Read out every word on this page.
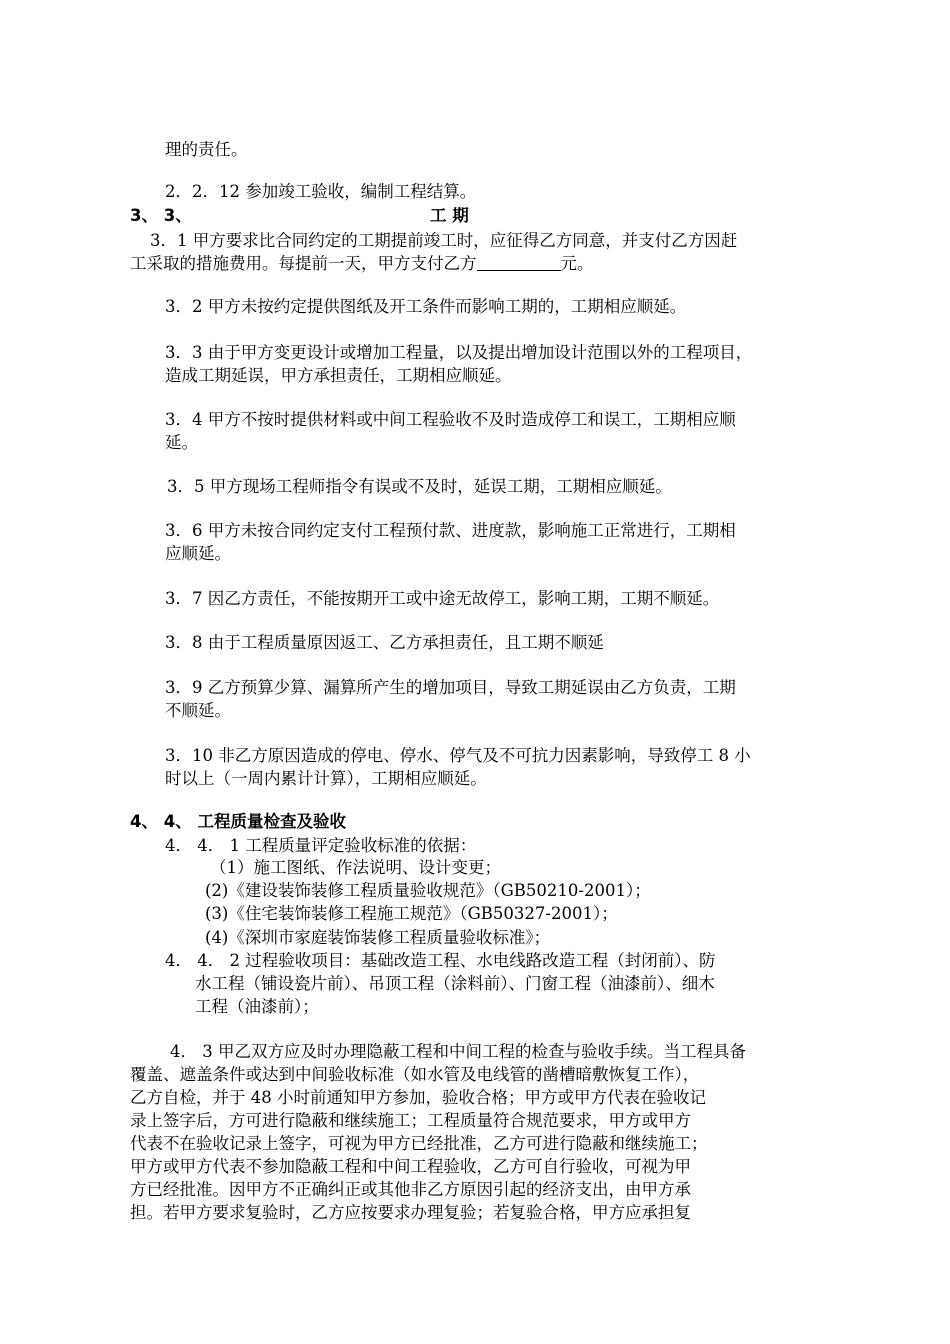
理的责任。
2．2．12 参加竣工验收，编制工程结算。
3、 3、	工 期
3．1 甲方要求比合同约定的工期提前竣工时，应征得乙方同意，并支付乙方因赶
工采取的措施费用。每提前一天，甲方支付乙方	元。
3．2 甲方未按约定提供图纸及开工条件而影响工期的，工期相应顺延。
3．3 由于甲方变更设计或增加工程量，以及提出增加设计范围以外的工程项目，
造成工期延误，甲方承担责任，工期相应顺延。
3．4 甲方不按时提供材料或中间工程验收不及时造成停工和误工，工期相应顺
延。
3．5 甲方现场工程师指令有误或不及时，延误工期，工期相应顺延。
3．6 甲方未按合同约定支付工程预付款、进度款，影响施工正常进行，工期相
应顺延。
3．7 因乙方责任，不能按期开工或中途无故停工，影响工期，工期不顺延。
3．8 由于工程质量原因返工、乙方承担责任，且工期不顺延
3．9 乙方预算少算、漏算所产生的增加项目，导致工期延误由乙方负责，工期
不顺延。
3．10 非乙方原因造成的停电、停水、停气及不可抗力因素影响，导致停工 8 小
时以上（一周内累计计算），工期相应顺延。
4、 4、 工程质量检查及验收
4． 4． 1 工程质量评定验收标准的依据：
（1）施工图纸、作法说明、设计变更；
(2)《建设装饰装修工程质量验收规范》（GB50210-2001）；
(3)《住宅装饰装修工程施工规范》（GB50327-2001）；
(4)《深圳市家庭装饰装修工程质量验收标准》；
4． 4． 2 过程验收项目：基础改造工程、水电线路改造工程（封闭前）、防
水工程（铺设瓷片前）、吊顶工程（涂料前）、门窗工程（油漆前）、细木
工程（油漆前）；
4． 3 甲乙双方应及时办理隐蔽工程和中间工程的检查与验收手续。当工程具备
覆盖、遮盖条件或达到中间验收标准（如水管及电线管的凿槽暗敷恢复工作），
乙方自检，并于 48 小时前通知甲方参加，验收合格；甲方或甲方代表在验收记
录上签字后，方可进行隐蔽和继续施工；工程质量符合规范要求，甲方或甲方
代表不在验收记录上签字，可视为甲方已经批准，乙方可进行隐蔽和继续施工；
甲方或甲方代表不参加隐蔽工程和中间工程验收，乙方可自行验收，可视为甲
方已经批准。因甲方不正确纠正或其他非乙方原因引起的经济支出，由甲方承
担。若甲方要求复验时，乙方应按要求办理复验；若复验合格，甲方应承担复
